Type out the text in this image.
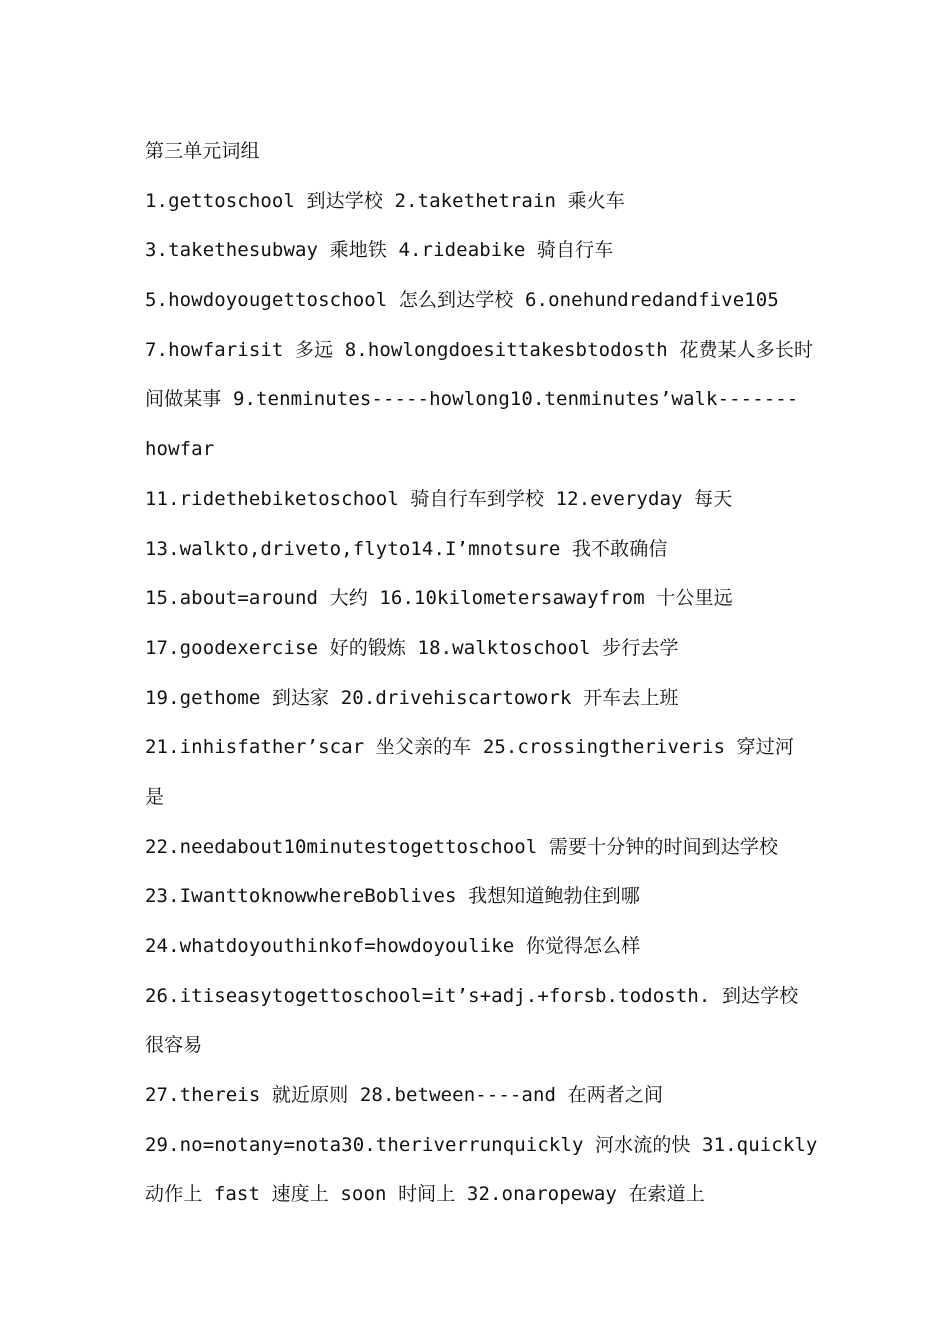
第三单元词组
1.gettoschool 到达学校 2.takethetrain 乘火车
3.takethesubway 乘地铁 4.rideabike 骑自行车
5.howdoyougettoschool 怎么到达学校 6.onehundredandfive105
7.howfarisit 多远 8.howlongdoesittakesbtodosth 花费某人多长时
间做某事 9.tenminutes-----howlong10.tenminutes’walk-------
howfar
11.ridethebiketoschool 骑自行车到学校 12.everyday 每天
13.walkto,driveto,flyto14.I’mnotsure 我不敢确信
15.about=around 大约 16.10kilometersawayfrom 十公里远
17.goodexercise 好的锻炼 18.walktoschool 步行去学
19.gethome 到达家 20.drivehiscartowork 开车去上班
21.inhisfather’scar 坐父亲的车 25.crossingtheriveris 穿过河
是
22.needabout10minutestogettoschool 需要十分钟的时间到达学校
23.IwanttoknowwhereBoblives 我想知道鲍勃住到哪
24.whatdoyouthinkof=howdoyoulike 你觉得怎么样
26.itiseasytogettoschool=it’s+adj.+forsb.todosth. 到达学校
很容易
27.thereis 就近原则 28.between----and 在两者之间
29.no=notany=nota30.theriverrunquickly 河水流的快 31.quickly
动作上 fast 速度上 soon 时间上 32.onaropeway 在索道上
